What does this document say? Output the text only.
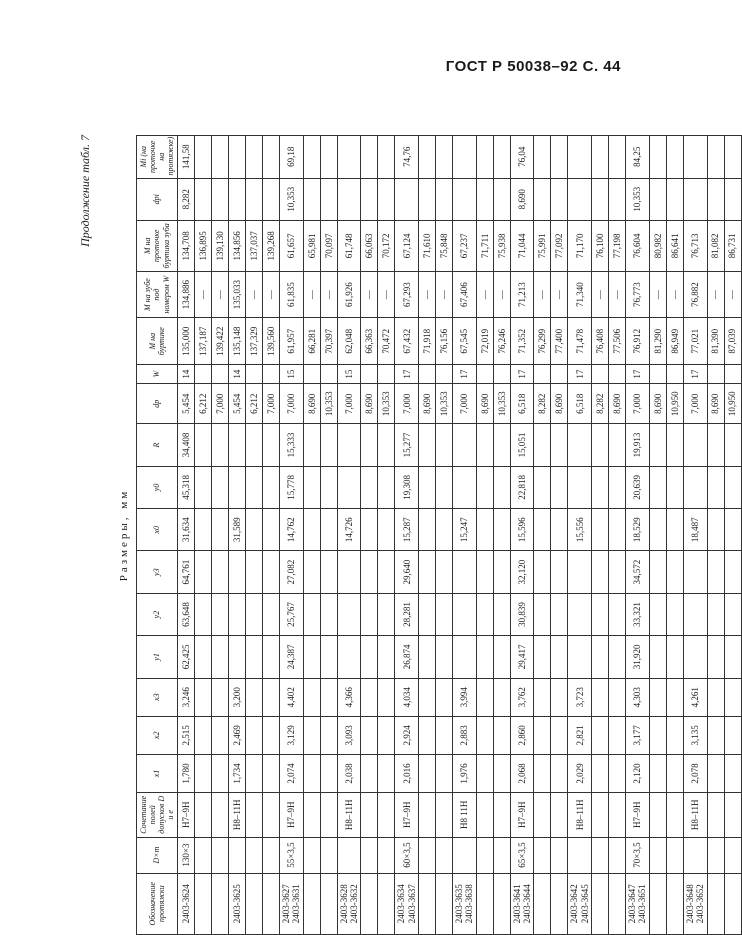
ГОСТ Р 50038–92 С. 44
Продолжение табл. 7
Размеры, мм
Обозначение протяжки	D×m	Сочетание полей допусков D и e	x1	x2	x3	y1	y2	y3	x0	y0	R	dр	W	M на буртике	M на зубе под номером W	M на проточке буртика зуба	dpi	Mi (на проточке на протяжке)
2403-3624	130×3	H7–9H	1,780	2,515	3,246	62,425	63,648	64,761	31,634	45,318	34,408	5,454	14	135,000	134,886	134,708	8,282	141,58
												6,212		137,187	—	136,895		
												7,000		139,422	—	139,130		
2403-3625		H8–11H	1,734	2,469	3,200				31,589			5,454	14	135,148	135,033	134,856		
												6,212		137,329	—	137,037		
												7,000		139,560	—	139,268		
2403-3627 2403-3631	55×3,5	H7–9H	2,074	3,129	4,402	24,387	25,767	27,082	14,762	15,778	15,333	7,000	15	61,957	61,835	61,657	10,353	69,18
												8,690		66,281	—	65,981		
												10,353		70,397	—	70,097		
2403-3628 2403-3632		H8–11H	2,038	3,093	4,366				14,726			7,000	15	62,048	61,926	61,748		
												8,690		66,363	—	66,063		
												10,353		70,472	—	70,172		
2403-3634 2403-3637	60×3,5	H7–9H	2,016	2,924	4,034	26,874	28,281	29,640	15,287	19,308	15,277	7,000	17	67,432	67,293	67,124		74,76
												8,690		71,918	—	71,610		
												10,353		76,156	—	75,848		
2403-3635 2403-3638		H8 11H	1,976	2,883	3,994				15,247			7,000	17	67,545	67,406	67,237		
												8,690		72,019	—	71,711		
												10,353		76,246	—	75,938		
2403-3641 2403-3644	65×3,5	H7–9H	2,068	2,860	3,762	29,417	30,839	32,120	15,596	22,818	15,051	6,518	17	71,352	71,213	71,044	8,690	76,04
												8,282		76,299	—	75,991		
												8,690		77,400	—	77,092		
2403-3642 2403-3645		H8–11H	2,029	2,821	3,723				15,556			6,518	17	71,478	71,340	71,170		
												8,282		76,408	—	76,100		
												8,690		77,506	—	77,198		
2403-3647 2403-3651	70×3,5	H7–9H	2,120	3,177	4,303	31,920	33,321	34,572	18,529	20,639	19,913	7,000	17	76,912	76,773	76,604	10,353	84,25
												8,690		81,290	—	80,982		
												10,950		86,949	—	86,641		
2403-3648 2403-3652		H8–11H	2,078	3,135	4,261				18,487			7,000	17	77,021	76,882	76,713		
												8,690		81,390	—	81,082		
												10,950		87,039	—	86,731		
